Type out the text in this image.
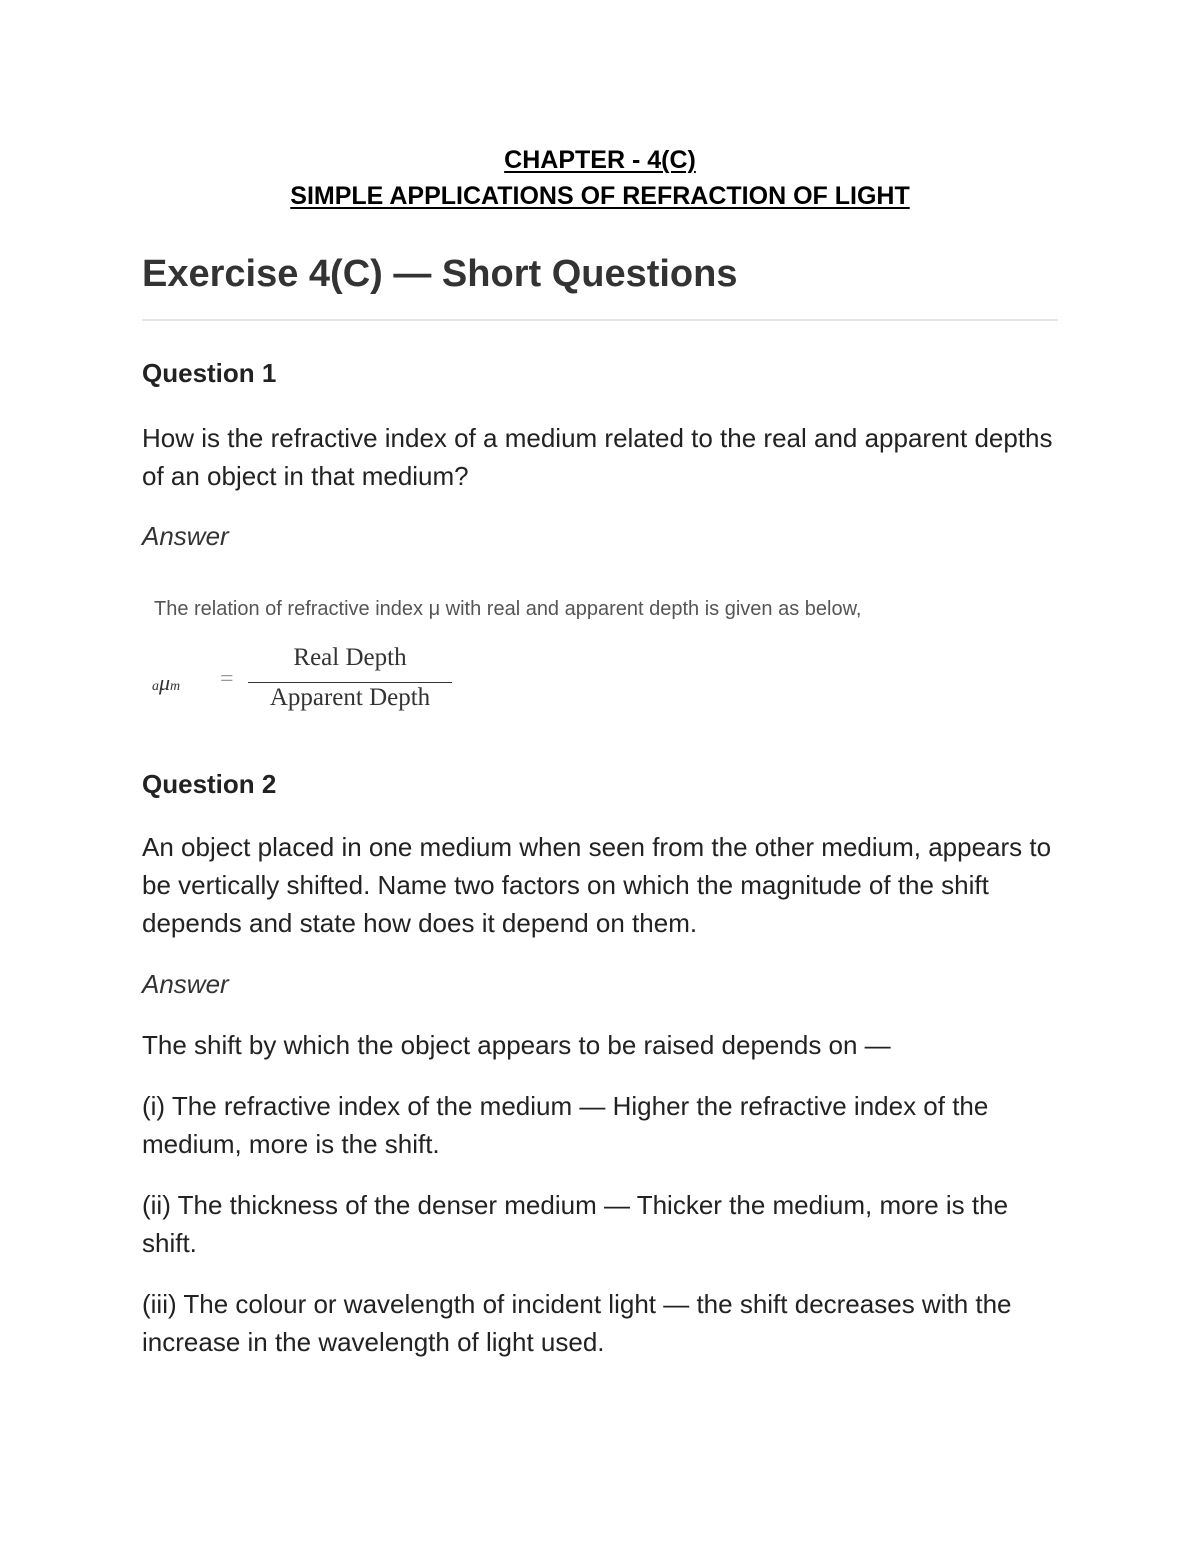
CHAPTER - 4(C)
SIMPLE APPLICATIONS OF REFRACTION OF LIGHT
Exercise 4(C) — Short Questions

Question 1

How is the refractive index of a medium related to the real and apparent depths of an object in that medium?

Answer

The relation of refractive index μ with real and apparent depth is given as below,
aμm =
Real Depth
Apparent Depth

Question 2

An object placed in one medium when seen from the other medium, appears to be vertically shifted. Name two factors on which the magnitude of the shift depends and state how does it depend on them.

Answer

The shift by which the object appears to be raised depends on —

(i) The refractive index of the medium — Higher the refractive index of the medium, more is the shift.

(ii) The thickness of the denser medium — Thicker the medium, more is the shift.

(iii) The colour or wavelength of incident light — the shift decreases with the increase in the wavelength of light used.
